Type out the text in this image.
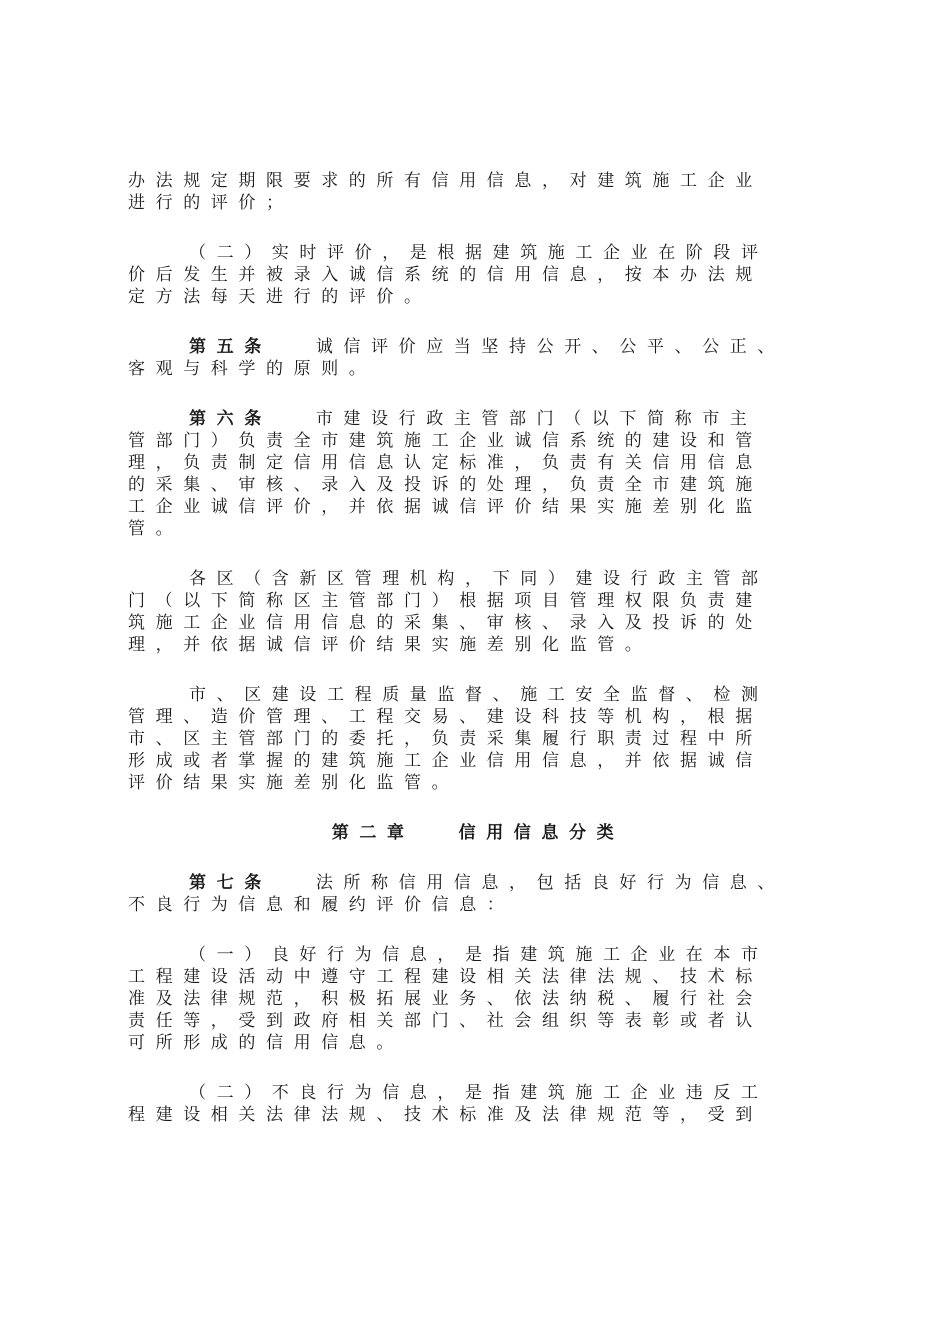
办法规定期限要求的所有信用信息，对建筑施工企业
进行的评价；
（二）实时评价，是根据建筑施工企业在阶段评
价后发生并被录入诚信系统的信用信息，按本办法规
定方法每天进行的评价。
第五条	诚信评价应当坚持公开、公平、公正、
客观与科学的原则。
第六条	市建设行政主管部门（以下简称市主
管部门）负责全市建筑施工企业诚信系统的建设和管
理，负责制定信用信息认定标准，负责有关信用信息
的采集、审核、录入及投诉的处理，负责全市建筑施
工企业诚信评价，并依据诚信评价结果实施差别化监
管。
各区（含新区管理机构，下同）建设行政主管部
门（以下简称区主管部门）根据项目管理权限负责建
筑施工企业信用信息的采集、审核、录入及投诉的处
理，并依据诚信评价结果实施差别化监管。
市、区建设工程质量监督、施工安全监督、检测
管理、造价管理、工程交易、建设科技等机构，根据
市、区主管部门的委托，负责采集履行职责过程中所
形成或者掌握的建筑施工企业信用信息，并依据诚信
评价结果实施差别化监管。
第二章	信用信息分类
第七条	法所称信用信息，包括良好行为信息、
不良行为信息和履约评价信息：
（一）良好行为信息，是指建筑施工企业在本市
工程建设活动中遵守工程建设相关法律法规、技术标
准及法律规范，积极拓展业务、依法纳税、履行社会
责任等，受到政府相关部门、社会组织等表彰或者认
可所形成的信用信息。
（二）不良行为信息，是指建筑施工企业违反工
程建设相关法律法规、技术标准及法律规范等，受到
